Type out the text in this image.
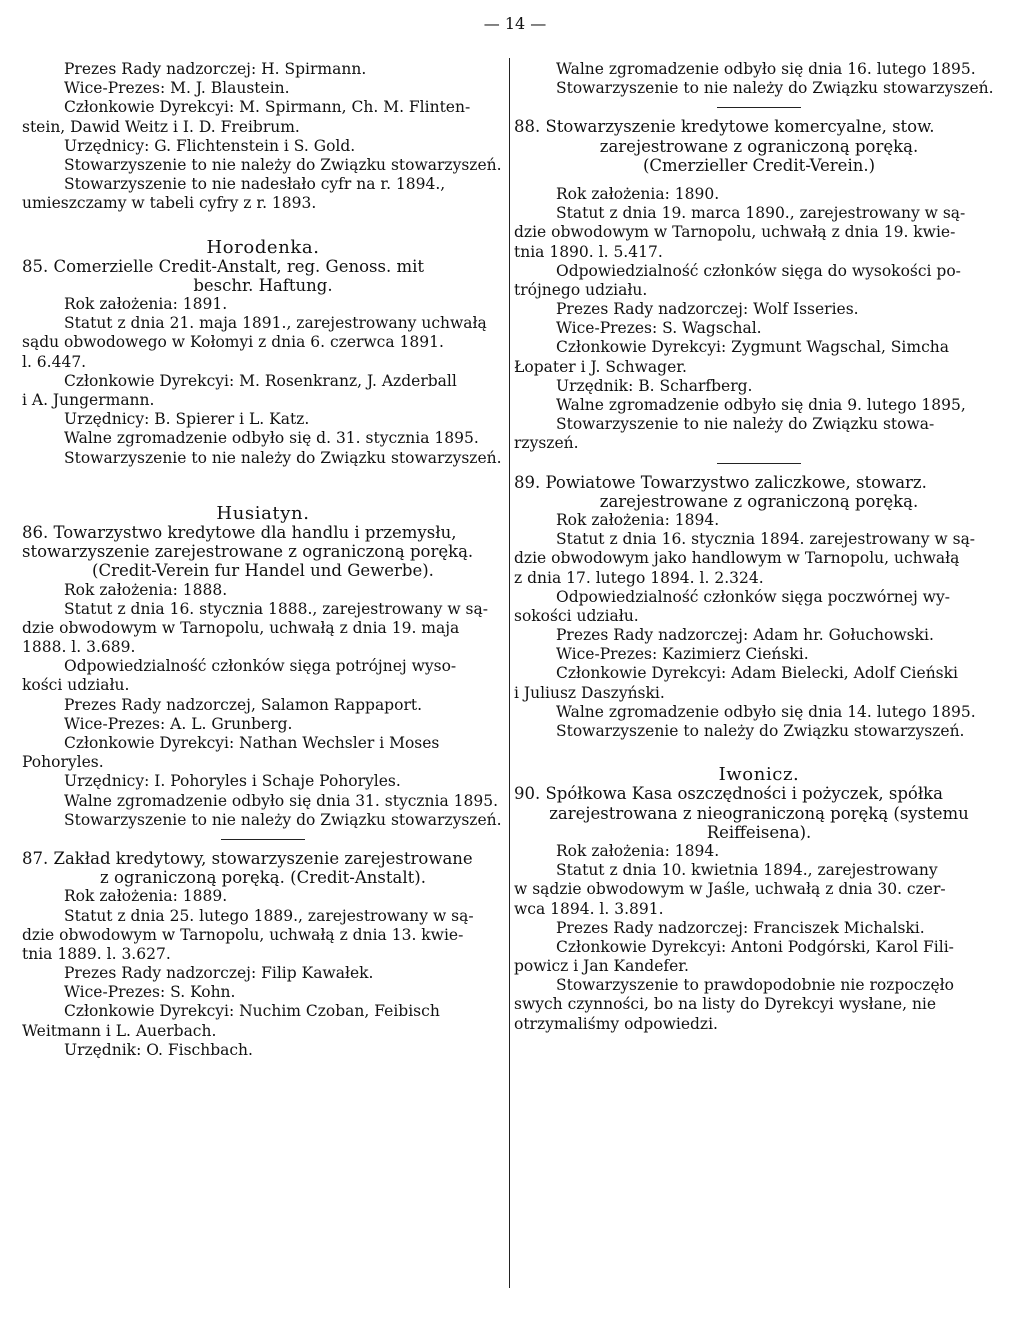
— 14 —
Prezes Rady nadzorczej: H. Spirmann.
Wice-Prezes: M. J. Blaustein.
Członkowie Dyrekcyi: M. Spirmann, Ch. M. Flinten-
stein, Dawid Weitz i I. D. Freibrum.
Urzędnicy: G. Flichtenstein i S. Gold.
Stowarzyszenie to nie należy do Związku stowarzyszeń.
Stowarzyszenie to nie nadesłało cyfr na r. 1894.,
umieszczamy w tabeli cyfry z r. 1893.
Horodenka.
85. Comerzielle Credit-Anstalt, reg. Genoss. mit
beschr. Haftung.
Rok założenia: 1891.
Statut z dnia 21. maja 1891., zarejestrowany uchwałą
sądu obwodowego w Kołomyi z dnia 6. czerwca 1891.
l. 6.447.
Członkowie Dyrekcyi: M. Rosenkranz, J. Azderball
i A. Jungermann.
Urzędnicy: B. Spierer i L. Katz.
Walne zgromadzenie odbyło się d. 31. stycznia 1895.
Stowarzyszenie to nie należy do Związku stowarzyszeń.
Husiatyn.
86. Towarzystwo kredytowe dla handlu i przemysłu,
stowarzyszenie zarejestrowane z ograniczoną poręką.
(Credit-Verein fur Handel und Gewerbe).
Rok założenia: 1888.
Statut z dnia 16. stycznia 1888., zarejestrowany w są-
dzie obwodowym w Tarnopolu, uchwałą z dnia 19. maja
1888. l. 3.689.
Odpowiedzialność członków sięga potrójnej wyso-
kości udziału.
Prezes Rady nadzorczej, Salamon Rappaport.
Wice-Prezes: A. L. Grunberg.
Członkowie Dyrekcyi: Nathan Wechsler i Moses
Pohoryles.
Urzędnicy: I. Pohoryles i Schaje Pohoryles.
Walne zgromadzenie odbyło się dnia 31. stycznia 1895.
Stowarzyszenie to nie należy do Związku stowarzyszeń.
87. Zakład kredytowy, stowarzyszenie zarejestrowane
z ograniczoną poręką. (Credit-Anstalt).
Rok założenia: 1889.
Statut z dnia 25. lutego 1889., zarejestrowany w są-
dzie obwodowym w Tarnopolu, uchwałą z dnia 13. kwie-
tnia 1889. l. 3.627.
Prezes Rady nadzorczej: Filip Kawałek.
Wice-Prezes: S. Kohn.
Członkowie Dyrekcyi: Nuchim Czoban, Feibisch
Weitmann i L. Auerbach.
Urzędnik: O. Fischbach.
Walne zgromadzenie odbyło się dnia 16. lutego 1895.
Stowarzyszenie to nie należy do Związku stowarzyszeń.
88. Stowarzyszenie kredytowe komercyalne, stow.
zarejestrowane z ograniczoną poręką.
(Cmerzieller Credit-Verein.)
Rok założenia: 1890.
Statut z dnia 19. marca 1890., zarejestrowany w są-
dzie obwodowym w Tarnopolu, uchwałą z dnia 19. kwie-
tnia 1890. l. 5.417.
Odpowiedzialność członków sięga do wysokości po-
trójnego udziału.
Prezes Rady nadzorczej: Wolf Isseries.
Wice-Prezes: S. Wagschal.
Członkowie Dyrekcyi: Zygmunt Wagschal, Simcha
Łopater i J. Schwager.
Urzędnik: B. Scharfberg.
Walne zgromadzenie odbyło się dnia 9. lutego 1895,
Stowarzyszenie to nie należy do Związku stowa-
rzyszeń.
89. Powiatowe Towarzystwo zaliczkowe, stowarz.
zarejestrowane z ograniczoną poręką.
Rok założenia: 1894.
Statut z dnia 16. stycznia 1894. zarejestrowany w są-
dzie obwodowym jako handlowym w Tarnopolu, uchwałą
z dnia 17. lutego 1894. l. 2.324.
Odpowiedzialność członków sięga poczwórnej wy-
sokości udziału.
Prezes Rady nadzorczej: Adam hr. Gołuchowski.
Wice-Prezes: Kazimierz Cieński.
Członkowie Dyrekcyi: Adam Bielecki, Adolf Cieński
i Juliusz Daszyński.
Walne zgromadzenie odbyło się dnia 14. lutego 1895.
Stowarzyszenie to należy do Związku stowarzyszeń.
Iwonicz.
90. Spółkowa Kasa oszczędności i pożyczek, spółka
zarejestrowana z nieograniczoną poręką (systemu
Reiffeisena).
Rok założenia: 1894.
Statut z dnia 10. kwietnia 1894., zarejestrowany
w sądzie obwodowym w Jaśle, uchwałą z dnia 30. czer-
wca 1894. l. 3.891.
Prezes Rady nadzorczej: Franciszek Michalski.
Członkowie Dyrekcyi: Antoni Podgórski, Karol Fili-
powicz i Jan Kandefer.
Stowarzyszenie to prawdopodobnie nie rozpoczęło
swych czynności, bo na listy do Dyrekcyi wysłane, nie
otrzymaliśmy odpowiedzi.
